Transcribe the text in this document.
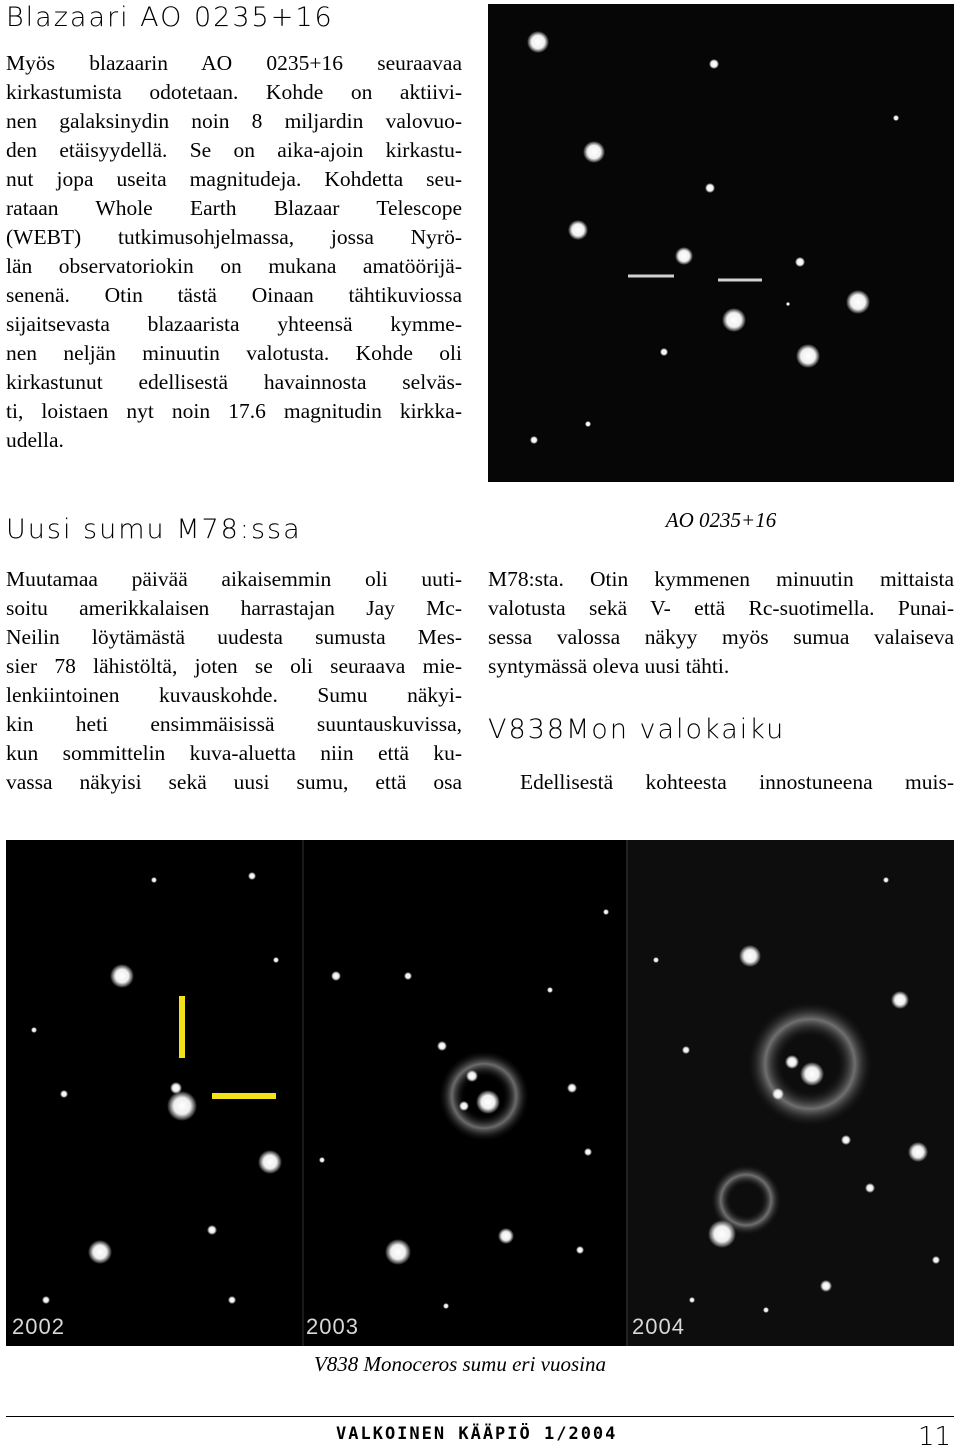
Blazaari AO 0235+16
Myös blazaarin AO 0235+16 seuraavaa
kirkastumista odotetaan. Kohde on aktiivi-
nen galaksinydin noin 8 miljardin valovuo-
den etäisyydellä. Se on aika-ajoin kirkastu-
nut jopa useita magnitudeja. Kohdetta seu-
rataan Whole Earth Blazaar Telescope
(WEBT) tutkimusohjelmassa, jossa Nyrö-
län observatoriokin on mukana amatöörijä-
senenä. Otin tästä Oinaan tähtikuviossa
sijaitsevasta blazaarista yhteensä kymme-
nen neljän minuutin valotusta. Kohde oli
kirkastunut edellisestä havainnosta selväs-
ti, loistaen nyt noin 17.6 magnitudin kirkka-
udella.
Uusi sumu M78:ssa
Muutamaa päivää aikaisemmin oli uuti-
soitu amerikkalaisen harrastajan Jay Mc-
Neilin löytämästä uudesta sumusta Mes-
sier 78 lähistöltä, joten se oli seuraava mie-
lenkiintoinen kuvauskohde. Sumu näkyi-
kin heti ensimmäisissä suuntauskuvissa,
kun sommittelin kuva-aluetta niin että ku-
vassa näkyisi sekä uusi sumu, että osa
AO 0235+16
M78:sta. Otin kymmenen minuutin mittaista
valotusta sekä V- että Rc-suotimella. Punai-
sessa valossa näkyy myös sumua valaiseva
syntymässä oleva uusi tähti.
V838Mon valokaiku
Edellisestä kohteesta innostuneena muis-
2002	2003	2004
V838 Monoceros sumu eri vuosina
VALKOINEN KÄÄPIÖ 1/2004	11
